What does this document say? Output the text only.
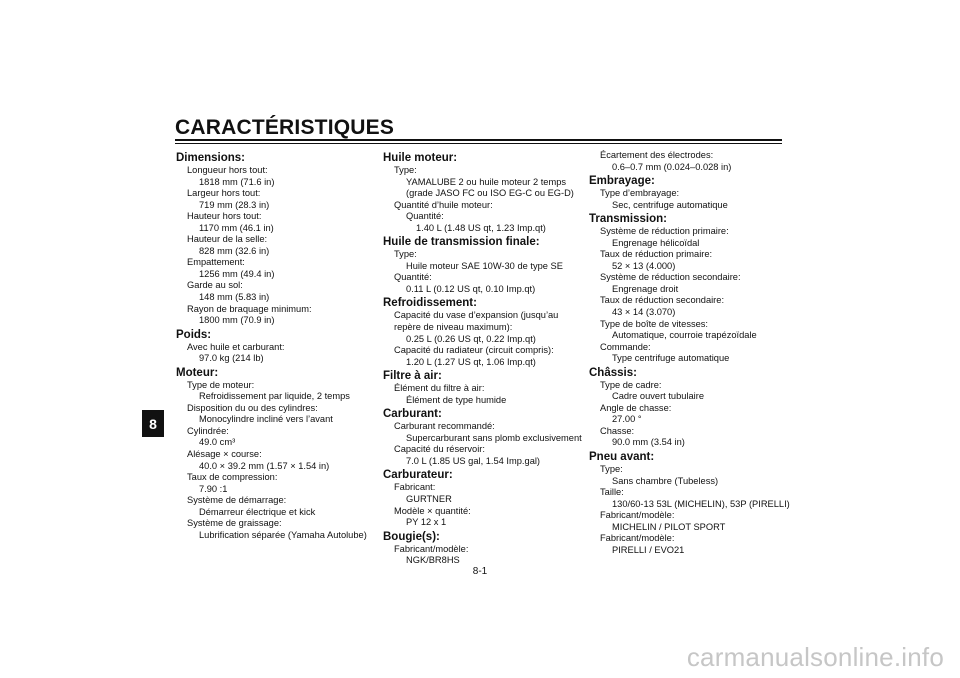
CARACTÉRISTIQUES
8
Dimensions:
Longueur hors tout:
1818 mm (71.6 in)
Largeur hors tout:
719 mm (28.3 in)
Hauteur hors tout:
1170 mm (46.1 in)
Hauteur de la selle:
828 mm (32.6 in)
Empattement:
1256 mm (49.4 in)
Garde au sol:
148 mm (5.83 in)
Rayon de braquage minimum:
1800 mm (70.9 in)
Poids:
Avec huile et carburant:
97.0 kg (214 lb)
Moteur:
Type de moteur:
Refroidissement par liquide, 2 temps
Disposition du ou des cylindres:
Monocylindre incliné vers l’avant
Cylindrée:
49.0 cm³
Alésage × course:
40.0 × 39.2 mm (1.57 × 1.54 in)
Taux de compression:
7.90 :1
Système de démarrage:
Démarreur électrique et kick
Système de graissage:
Lubrification séparée (Yamaha Autolube)
Huile moteur:
Type:
YAMALUBE 2 ou huile moteur 2 temps
(grade JASO FC ou ISO EG-C ou EG-D)
Quantité d’huile moteur:
Quantité:
1.40 L (1.48 US qt, 1.23 Imp.qt)
Huile de transmission finale:
Type:
Huile moteur SAE 10W-30 de type SE
Quantité:
0.11 L (0.12 US qt, 0.10 Imp.qt)
Refroidissement:
Capacité du vase d’expansion (jusqu’au
repère de niveau maximum):
0.25 L (0.26 US qt, 0.22 Imp.qt)
Capacité du radiateur (circuit compris):
1.20 L (1.27 US qt, 1.06 Imp.qt)
Filtre à air:
Élément du filtre à air:
Élément de type humide
Carburant:
Carburant recommandé:
Supercarburant sans plomb exclusivement
Capacité du réservoir:
7.0 L (1.85 US gal, 1.54 Imp.gal)
Carburateur:
Fabricant:
GURTNER
Modèle × quantité:
PY 12 x 1
Bougie(s):
Fabricant/modèle:
NGK/BR8HS
Écartement des électrodes:
0.6–0.7 mm (0.024–0.028 in)
Embrayage:
Type d’embrayage:
Sec, centrifuge automatique
Transmission:
Système de réduction primaire:
Engrenage hélicoïdal
Taux de réduction primaire:
52 × 13 (4.000)
Système de réduction secondaire:
Engrenage droit
Taux de réduction secondaire:
43 × 14 (3.070)
Type de boîte de vitesses:
Automatique, courroie trapézoïdale
Commande:
Type centrifuge automatique
Châssis:
Type de cadre:
Cadre ouvert tubulaire
Angle de chasse:
27.00 °
Chasse:
90.0 mm (3.54 in)
Pneu avant:
Type:
Sans chambre (Tubeless)
Taille:
130/60-13 53L (MICHELIN), 53P (PIRELLI)
Fabricant/modèle:
MICHELIN / PILOT SPORT
Fabricant/modèle:
PIRELLI / EVO21
8-1
carmanualsonline.info
